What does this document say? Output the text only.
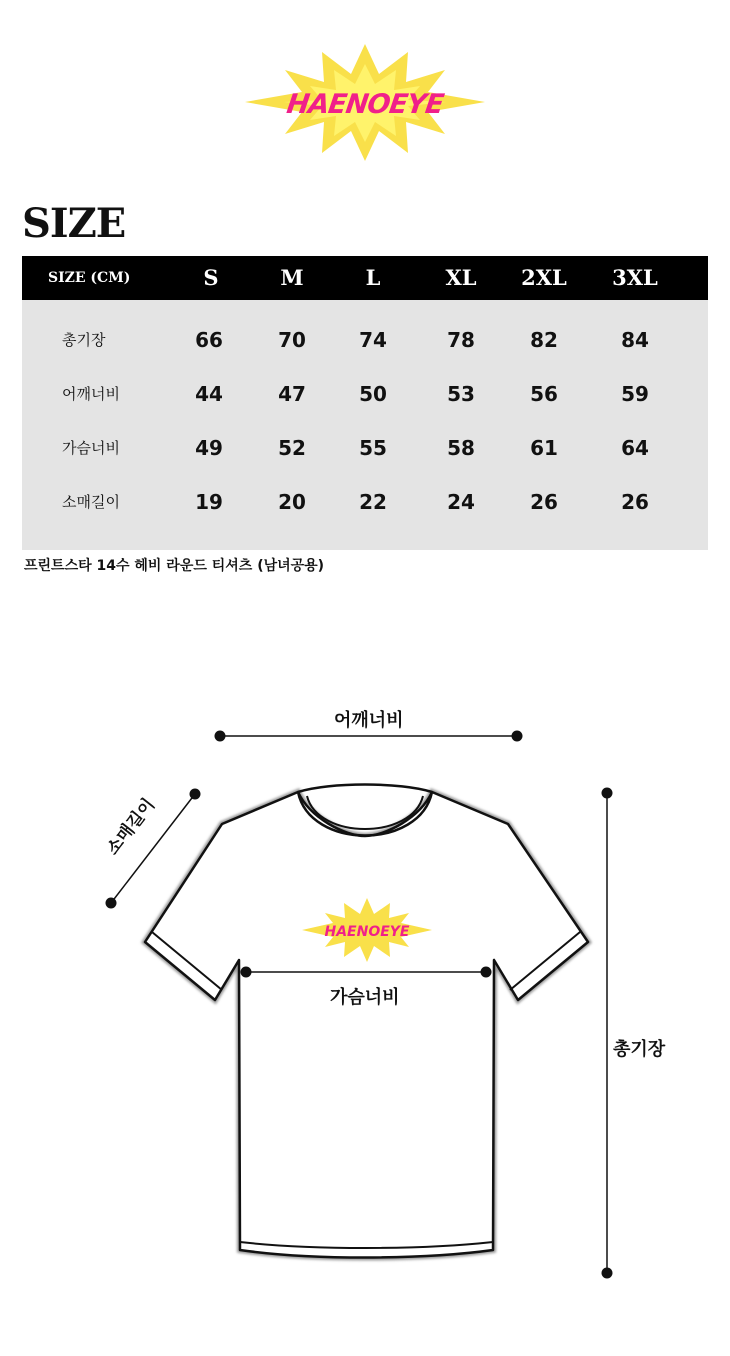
HAENOEYE
SIZE
SIZE (CM)	S	M	L	XL	2XL	3XL
총기장	66	70	74	78	82	84
어깨너비	44	47	50	53	56	59
가슴너비	49	52	55	58	61	64
소매길이	19	20	22	24	26	26
프린트스타 14수 헤비 라운드 티셔츠 (남녀공용)
HAENOEYE
소매길이
어깨너비
가슴너비
총기장
